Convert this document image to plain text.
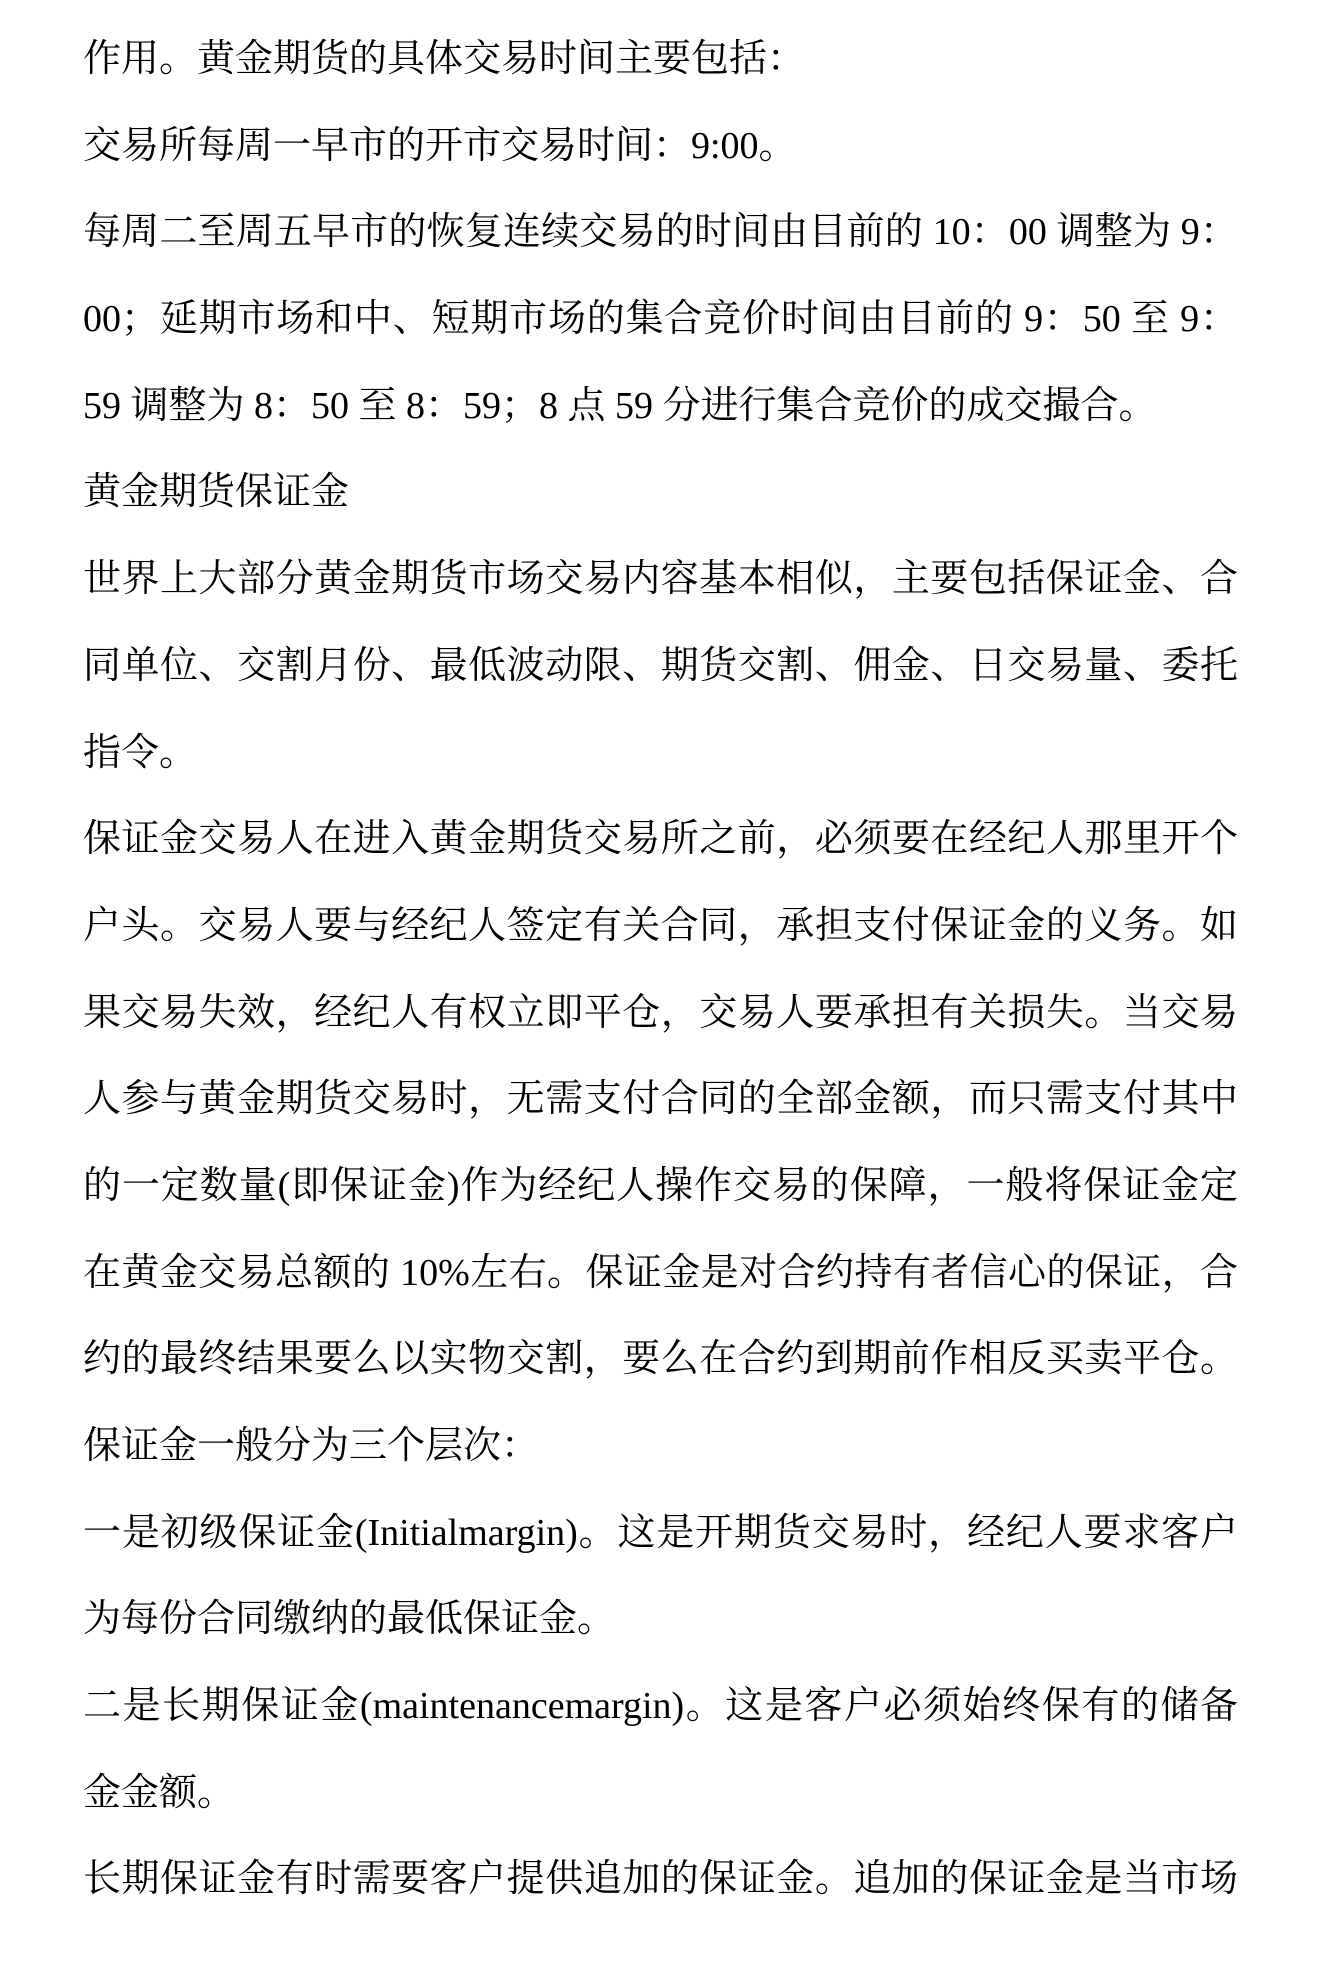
作用。黄金期货的具体交易时间主要包括：
交易所每周一早市的开市交易时间：9:00。
每周二至周五早市的恢复连续交易的时间由目前的 10：00 调整为 9：
00；延期市场和中、短期市场的集合竞价时间由目前的 9：50 至 9：
59 调整为 8：50 至 8：59；8 点 59 分进行集合竞价的成交撮合。
黄金期货保证金
世界上大部分黄金期货市场交易内容基本相似，主要包括保证金、合
同单位、交割月份、最低波动限、期货交割、佣金、日交易量、委托
指令。
保证金交易人在进入黄金期货交易所之前，必须要在经纪人那里开个
户头。交易人要与经纪人签定有关合同，承担支付保证金的义务。如
果交易失效，经纪人有权立即平仓，交易人要承担有关损失。当交易
人参与黄金期货交易时，无需支付合同的全部金额，而只需支付其中
的一定数量(即保证金)作为经纪人操作交易的保障，一般将保证金定
在黄金交易总额的 10%左右。保证金是对合约持有者信心的保证，合
约的最终结果要么以实物交割，要么在合约到期前作相反买卖平仓。
保证金一般分为三个层次：
一是初级保证金(Initialmargin)。这是开期货交易时，经纪人要求客户
为每份合同缴纳的最低保证金。
二是长期保证金(maintenancemargin)。这是客户必须始终保有的储备
金金额。
长期保证金有时需要客户提供追加的保证金。追加的保证金是当市场
